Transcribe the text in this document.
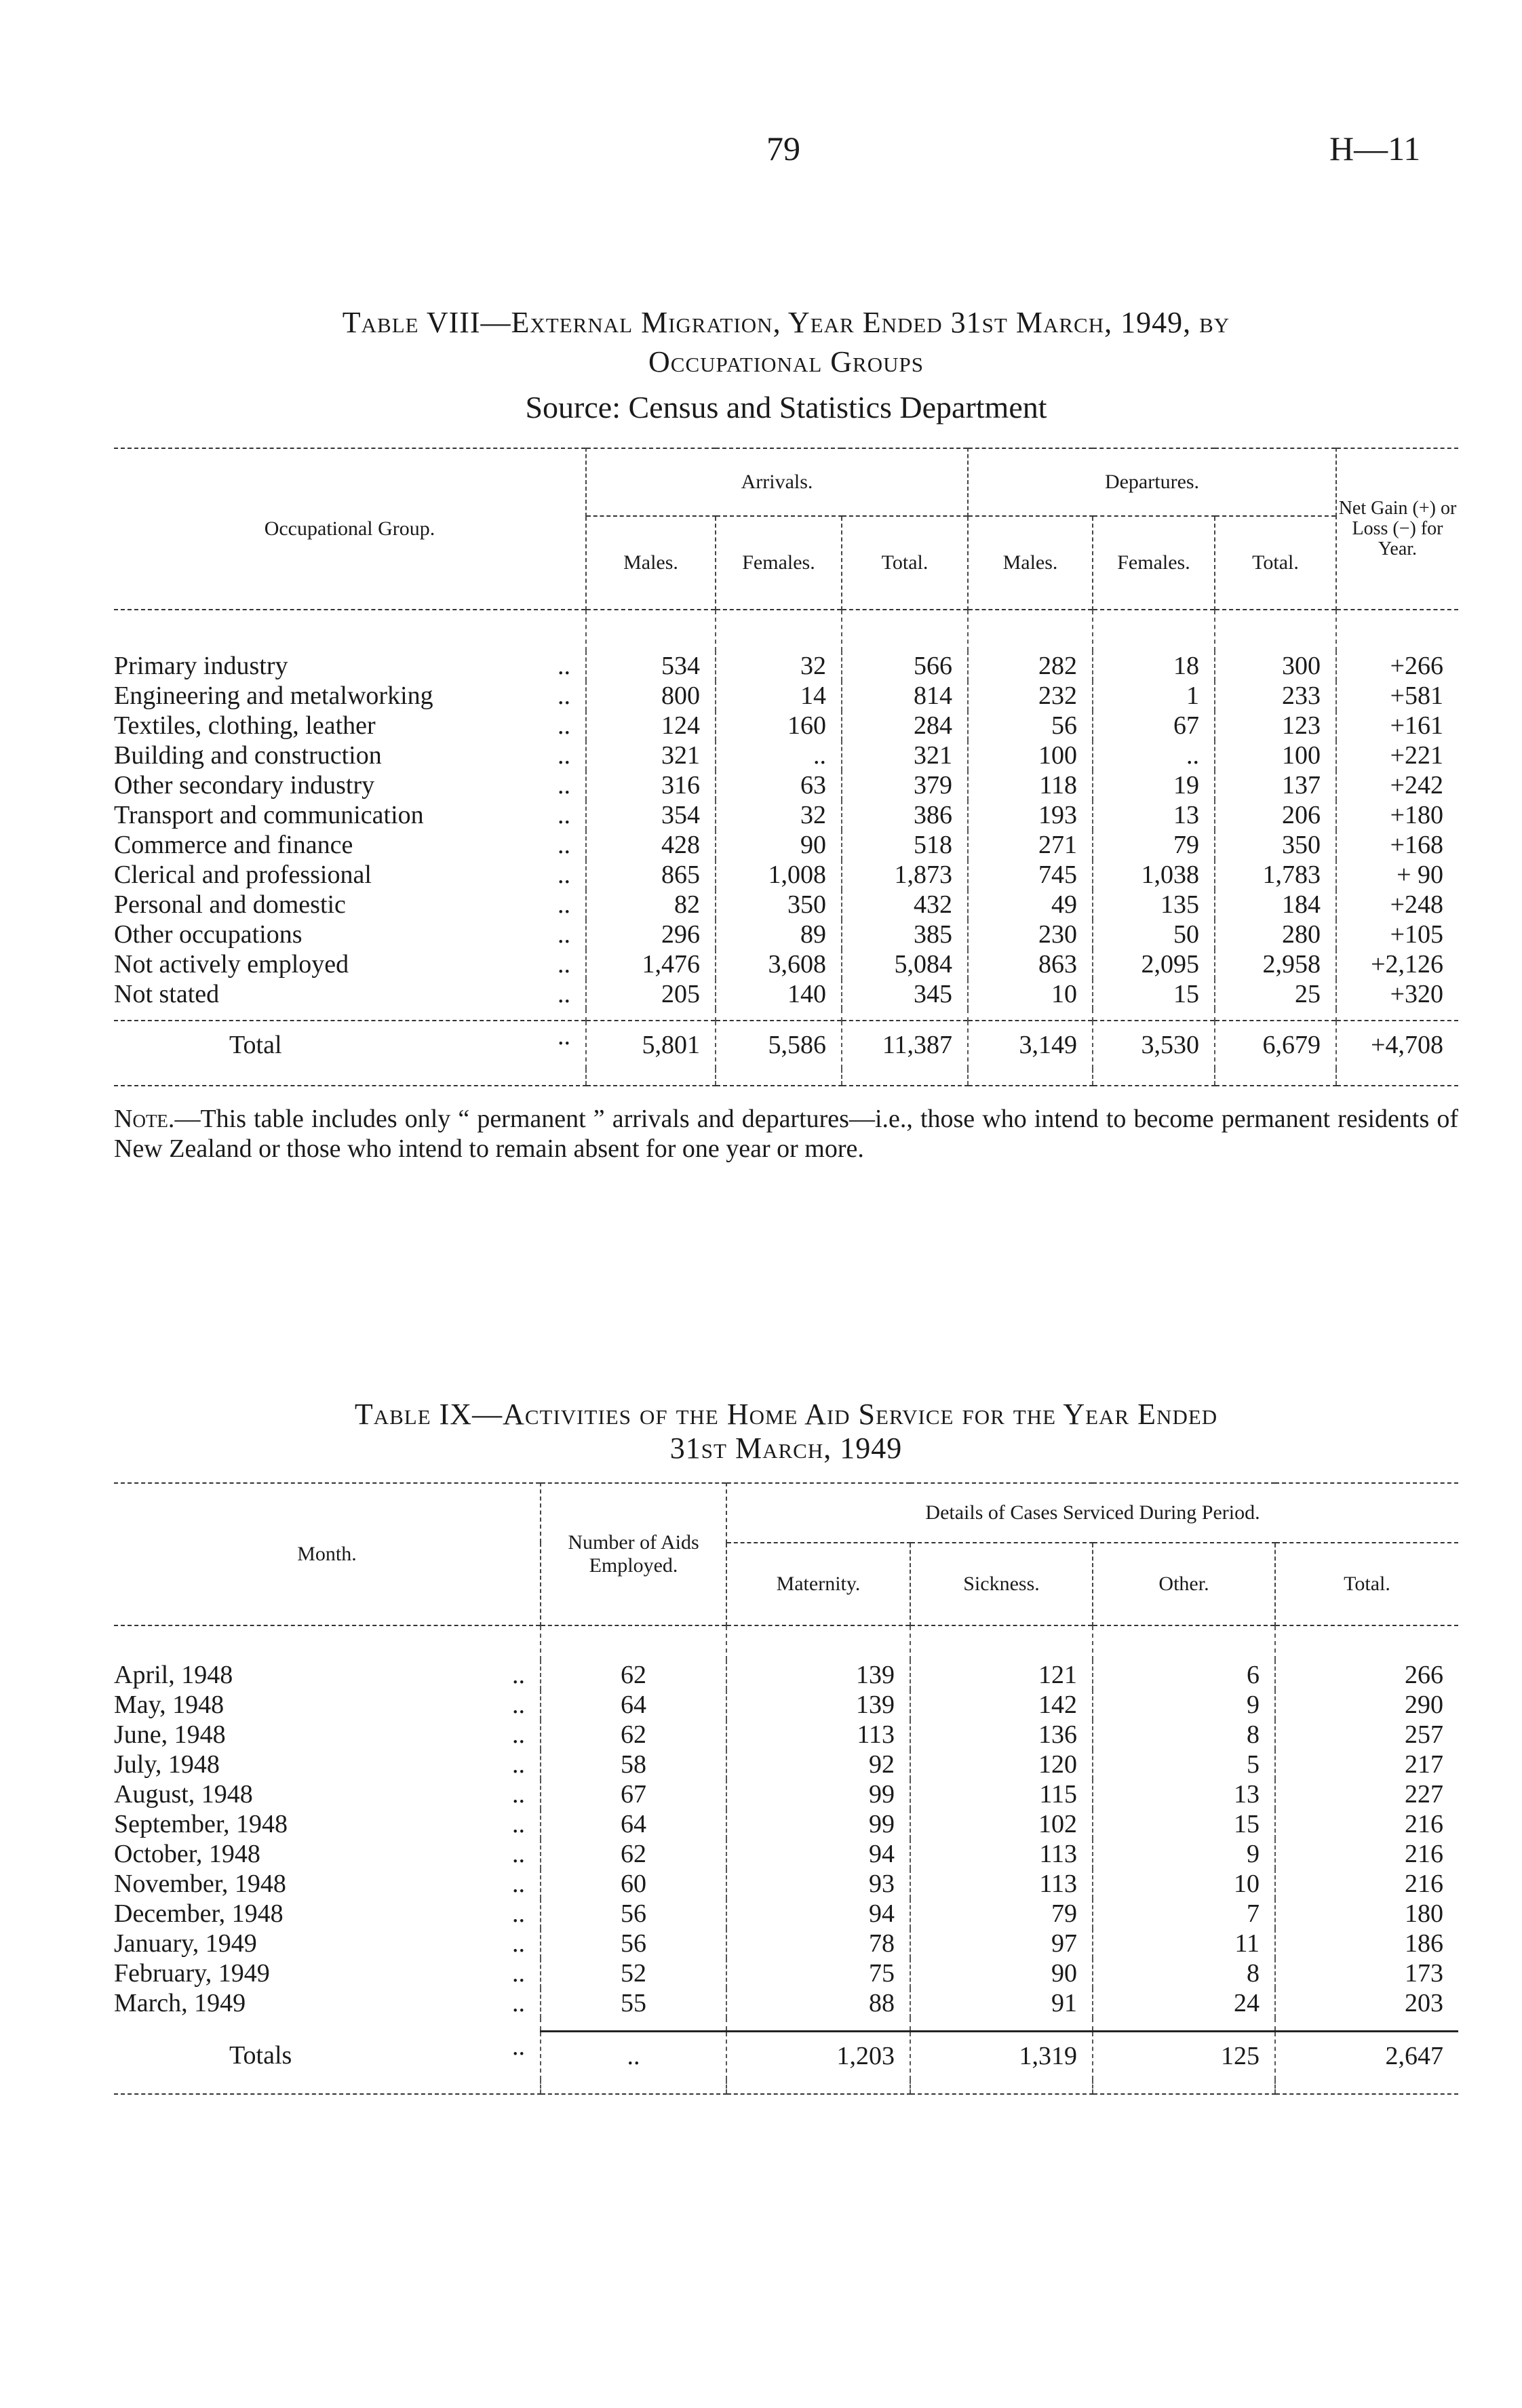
79	H—11
Table VIII—External Migration, Year Ended 31st March, 1949, by
Occupational Groups
Source: Census and Statistics Department
Occupational Group.	Arrivals.			Departures.			Net Gain (+) or Loss (−) for Year.
	Males.	Females.	Total.	Males.	Females.	Total.	

Primary industry ..	534	32	566	282	18	300	+266
Engineering and metalworking ..	800	14	814	232	1	233	+581
Textiles, clothing, leather ..	124	160	284	56	67	123	+161
Building and construction ..	321	..	321	100	..	100	+221
Other secondary industry ..	316	63	379	118	19	137	+242
Transport and communication ..	354	32	386	193	13	206	+180
Commerce and finance ..	428	90	518	271	79	350	+168
Clerical and professional ..	865	1,008	1,873	745	1,038	1,783	+ 90
Personal and domestic ..	82	350	432	49	135	184	+248
Other occupations ..	296	89	385	230	50	280	+105
Not actively employed ..	1,476	3,608	5,084	863	2,095	2,958	+2,126
Not stated ..	205	140	345	10	15	25	+320

Total ..	5,801	5,586	11,387	3,149	3,530	6,679	+4,708

Note.—This table includes only “ permanent ” arrivals and departures—i.e., those who intend to become permanent residents of New Zealand or those who intend to remain absent for one year or more.
Table IX—Activities of the Home Aid Service for the Year Ended
31st March, 1949
Month.	Number of Aids Employed.	Details of Cases Serviced During Period.			
		Maternity.	Sickness.	Other.	Total.

April, 1948 ..	62	139	121	6	266
May, 1948 ..	64	139	142	9	290
June, 1948 ..	62	113	136	8	257
July, 1948 ..	58	92	120	5	217
August, 1948 ..	67	99	115	13	227
September, 1948 ..	64	99	102	15	216
October, 1948 ..	62	94	113	9	216
November, 1948 ..	60	93	113	10	216
December, 1948 ..	56	94	79	7	180
January, 1949 ..	56	78	97	11	186
February, 1949 ..	52	75	90	8	173
March, 1949 ..	55	88	91	24	203

Totals ..	..	1,203	1,319	125	2,647
